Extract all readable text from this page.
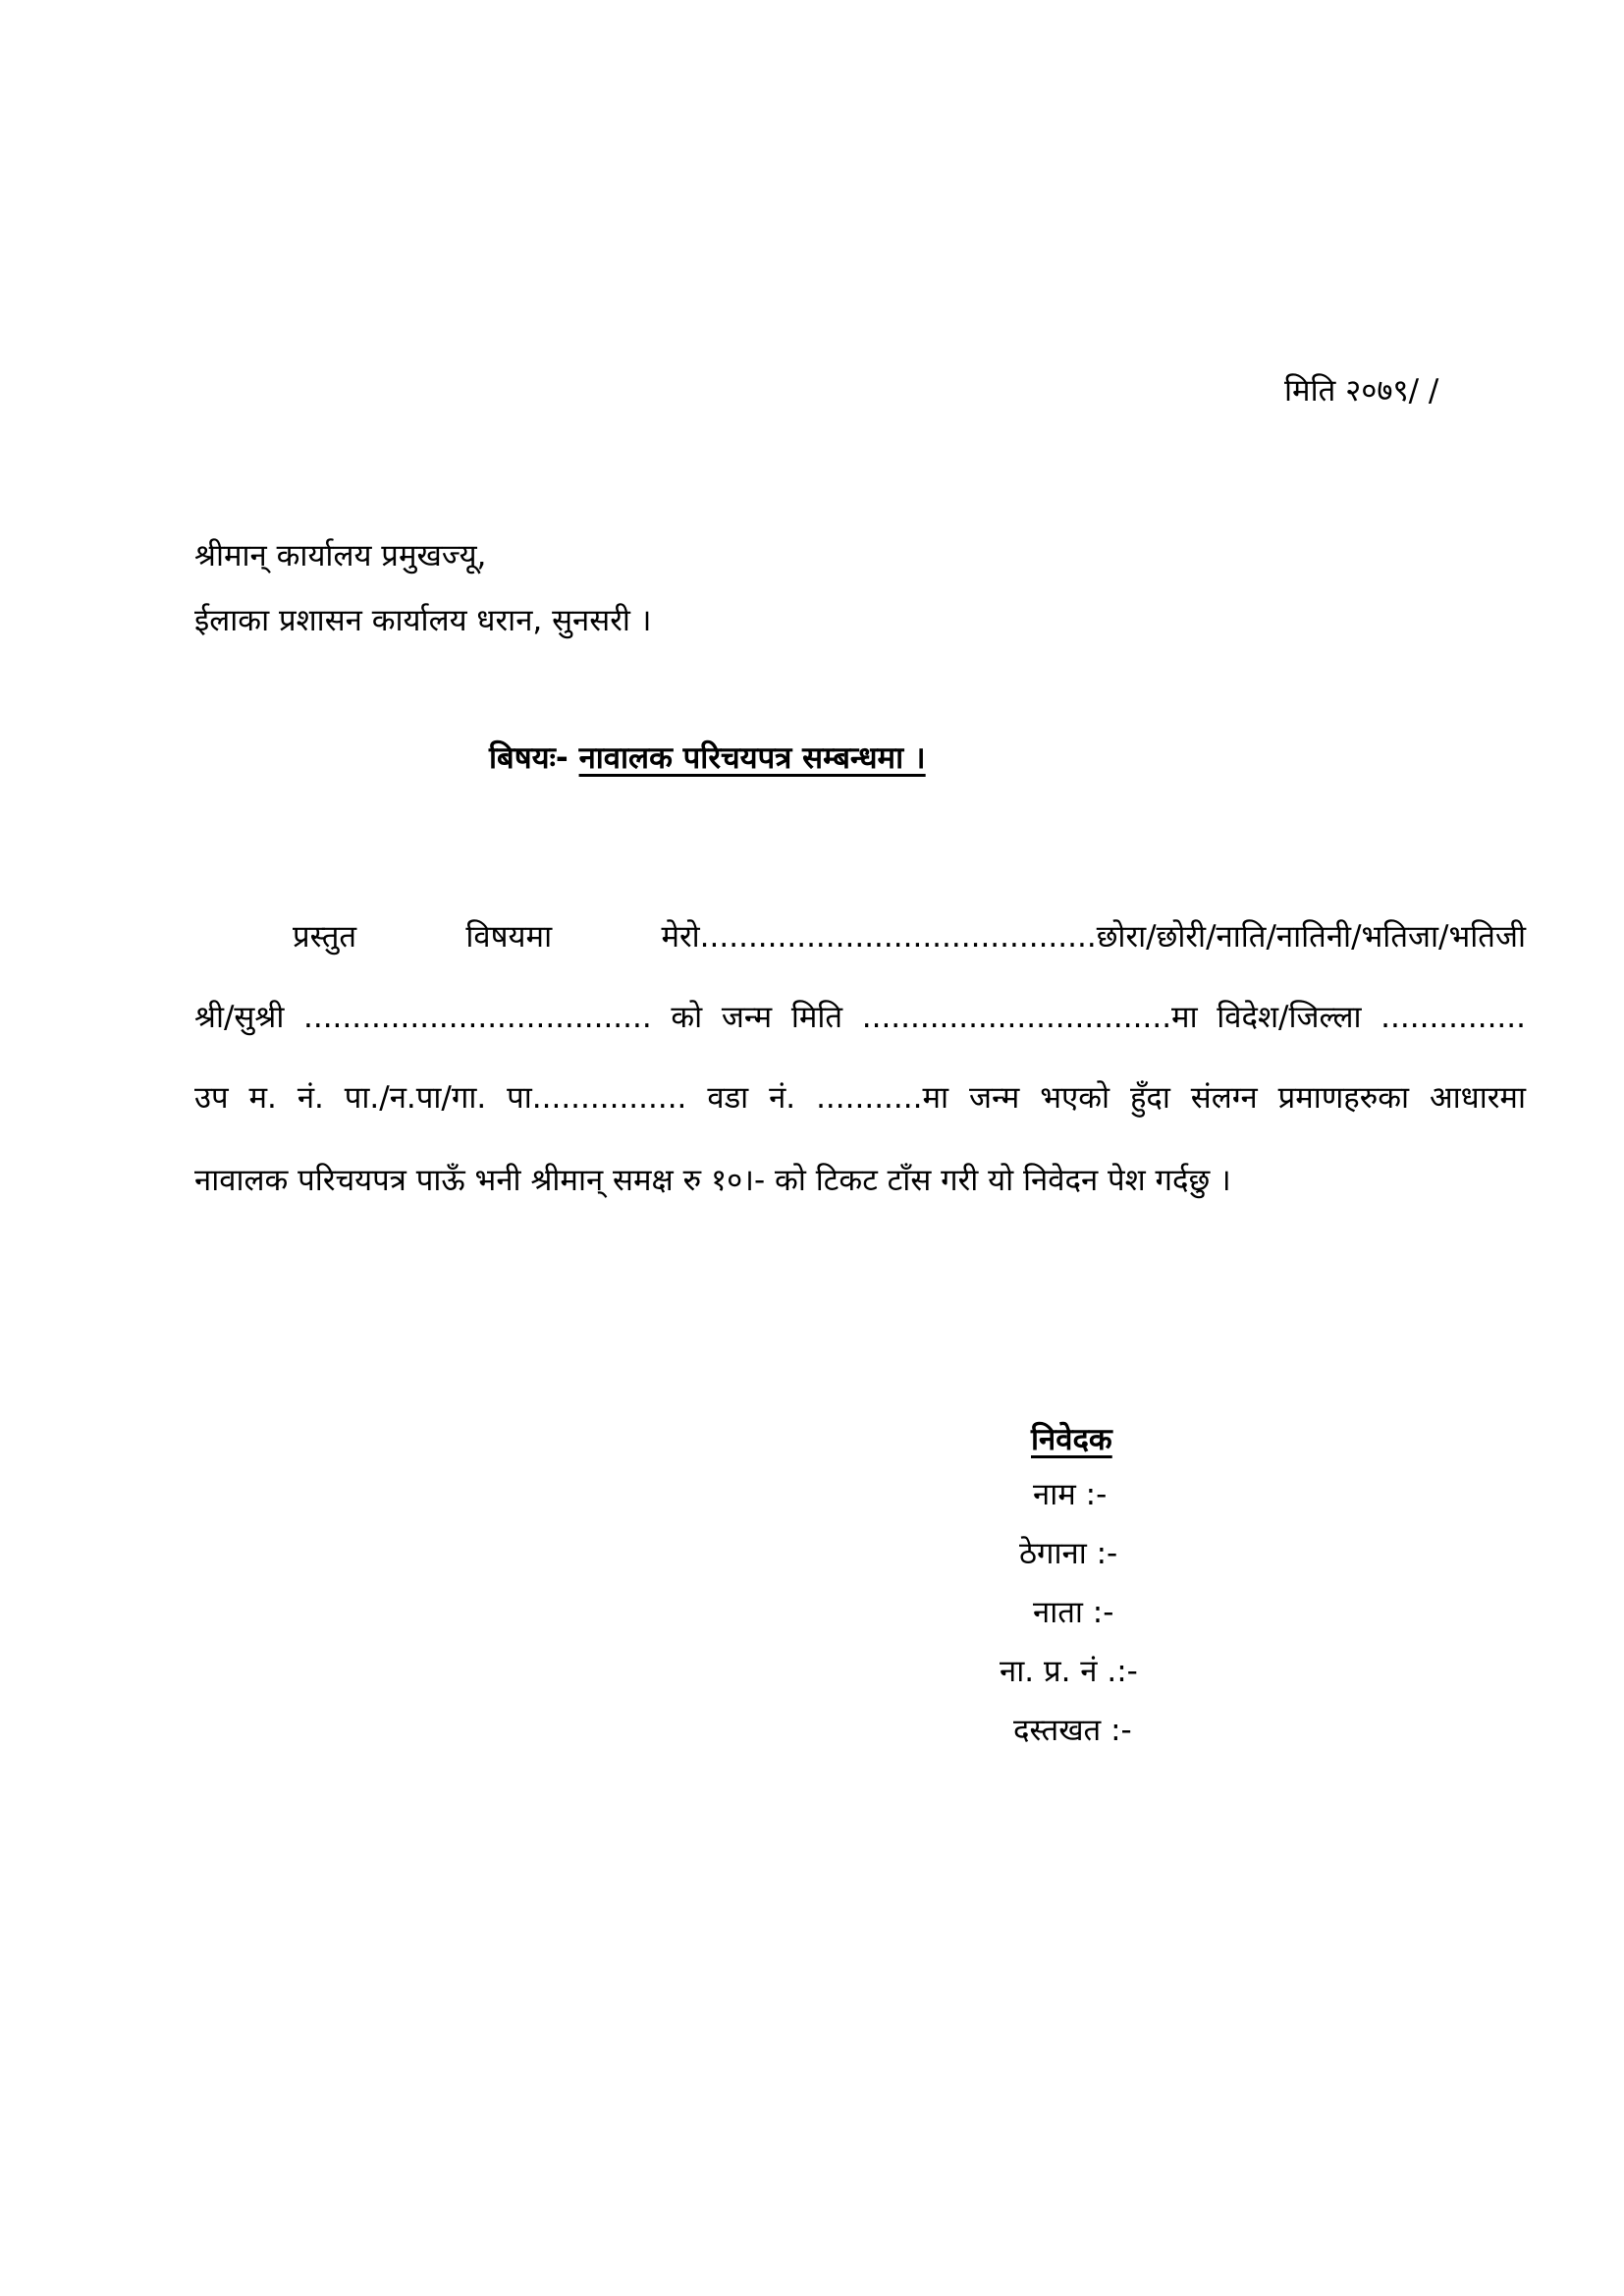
मिति २०७९/ /
श्रीमान् कार्यालय प्रमुखज्यू,
ईलाका प्रशासन कार्यालय धरान, सुनसरी ।
बिषयः- नावालक परिचयपत्र सम्बन्धमा ।
प्रस्तुत	विषयमा	मेरो.........................................छोरा/छोरी/नाति/नातिनी/भतिजा/भतिजी
श्री/सुश्री .................................... को जन्म मिति ................................मा विदेश/जिल्ला ...............
उप म. नं. पा./न.पा/गा. पा................ वडा नं. ...........मा जन्म भएको हुँदा संलग्न प्रमाणहरुका आधारमा
नावालक परिचयपत्र पाऊँ भनी श्रीमान् समक्ष रु १०।- को टिकट टाँस गरी यो निवेदन पेश गर्दछु ।
निवेदक
नाम :-
ठेगाना :-
नाता :-
ना. प्र. नं .:-
दस्तखत :-
